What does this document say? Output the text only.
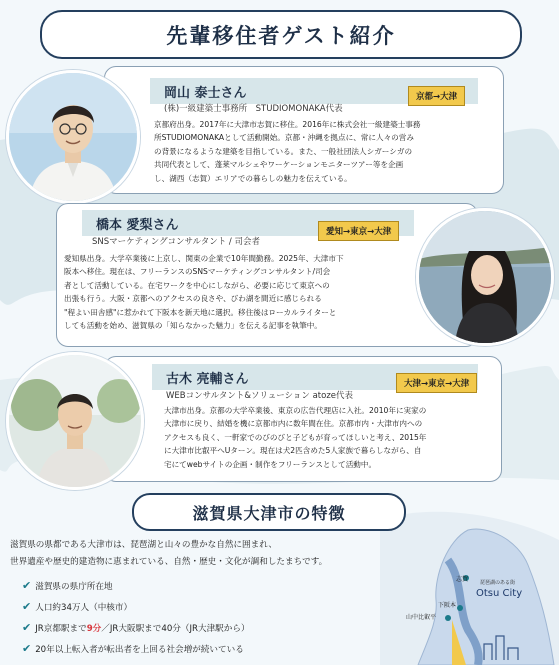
先輩移住者ゲスト紹介
岡山 泰士さん
(株)一級建築士事務所　STUDIOMONAKA代表
京都→大津
京都府出身。2017年に大津市志賀に移住。2016年に株式会社一級建築士事務
所STUDIOMONAKAとして活動開始。京都・沖縄を拠点に、常に人々の営み
の背景になるような建築を目指している。また、一般社団法人シガーシガの
共同代表として、蓬莱マルシェやワーケーションモニターツアー等を企画
し、湖西（志賀）エリアでの暮らしの魅力を伝えている。
橋本 愛梨さん
SNSマーケティングコンサルタント / 司会者
愛知→東京→大津
愛知県出身。大学卒業後に上京し、関東の企業で10年間勤務。2025年、大津市下
阪本へ移住。現在は、フリーランスのSNSマーケティングコンサルタント/司会
者として活動している。在宅ワークを中心にしながら、必要に応じて東京への
出張も行う。大阪・京都へのアクセスの良さや、びわ湖を間近に感じられる
"程よい田舎感"に惹かれて下阪本を新天地に選択。移住後はローカルライターと
しても活動を始め、滋賀県の「知らなかった魅力」を伝える記事を執筆中。
古木 亮輔さん
WEBコンサルタント&ソリューション atoze代表
大津→東京→大津
大津市出身。京都の大学卒業後、東京の広告代理店に入社。2010年に実家の
大津市に戻り、結婚を機に京都市内に数年間在住。京都市内・大津市内への
アクセスも良く、一軒家でのびのびと子どもが育ってほしいと考え、2015年
に大津市比叡平へUターン。現在は犬2匹含めた5人家族で暮らしながら、自
宅にてwebサイトの企画・制作をフリーランスとして活動中。
滋賀県大津市の特徴
滋賀県の県都である大津市は、琵琶湖と山々の豊かな自然に囲まれ、
世界遺産や歴史的建造物に恵まれている、自然・歴史・文化が調和したまちです。
✔ 滋賀県の県庁所在地
✔ 人口約34万人（中核市）
✔ JR京都駅まで 9分 ／JR大阪駅まで40分（JR大津駅から）
✔ 20年以上転入者が転出者を上回る社会増が続いている
琵琶湖のある街
Otsu City
志賀
下阪本
山中比叡平
